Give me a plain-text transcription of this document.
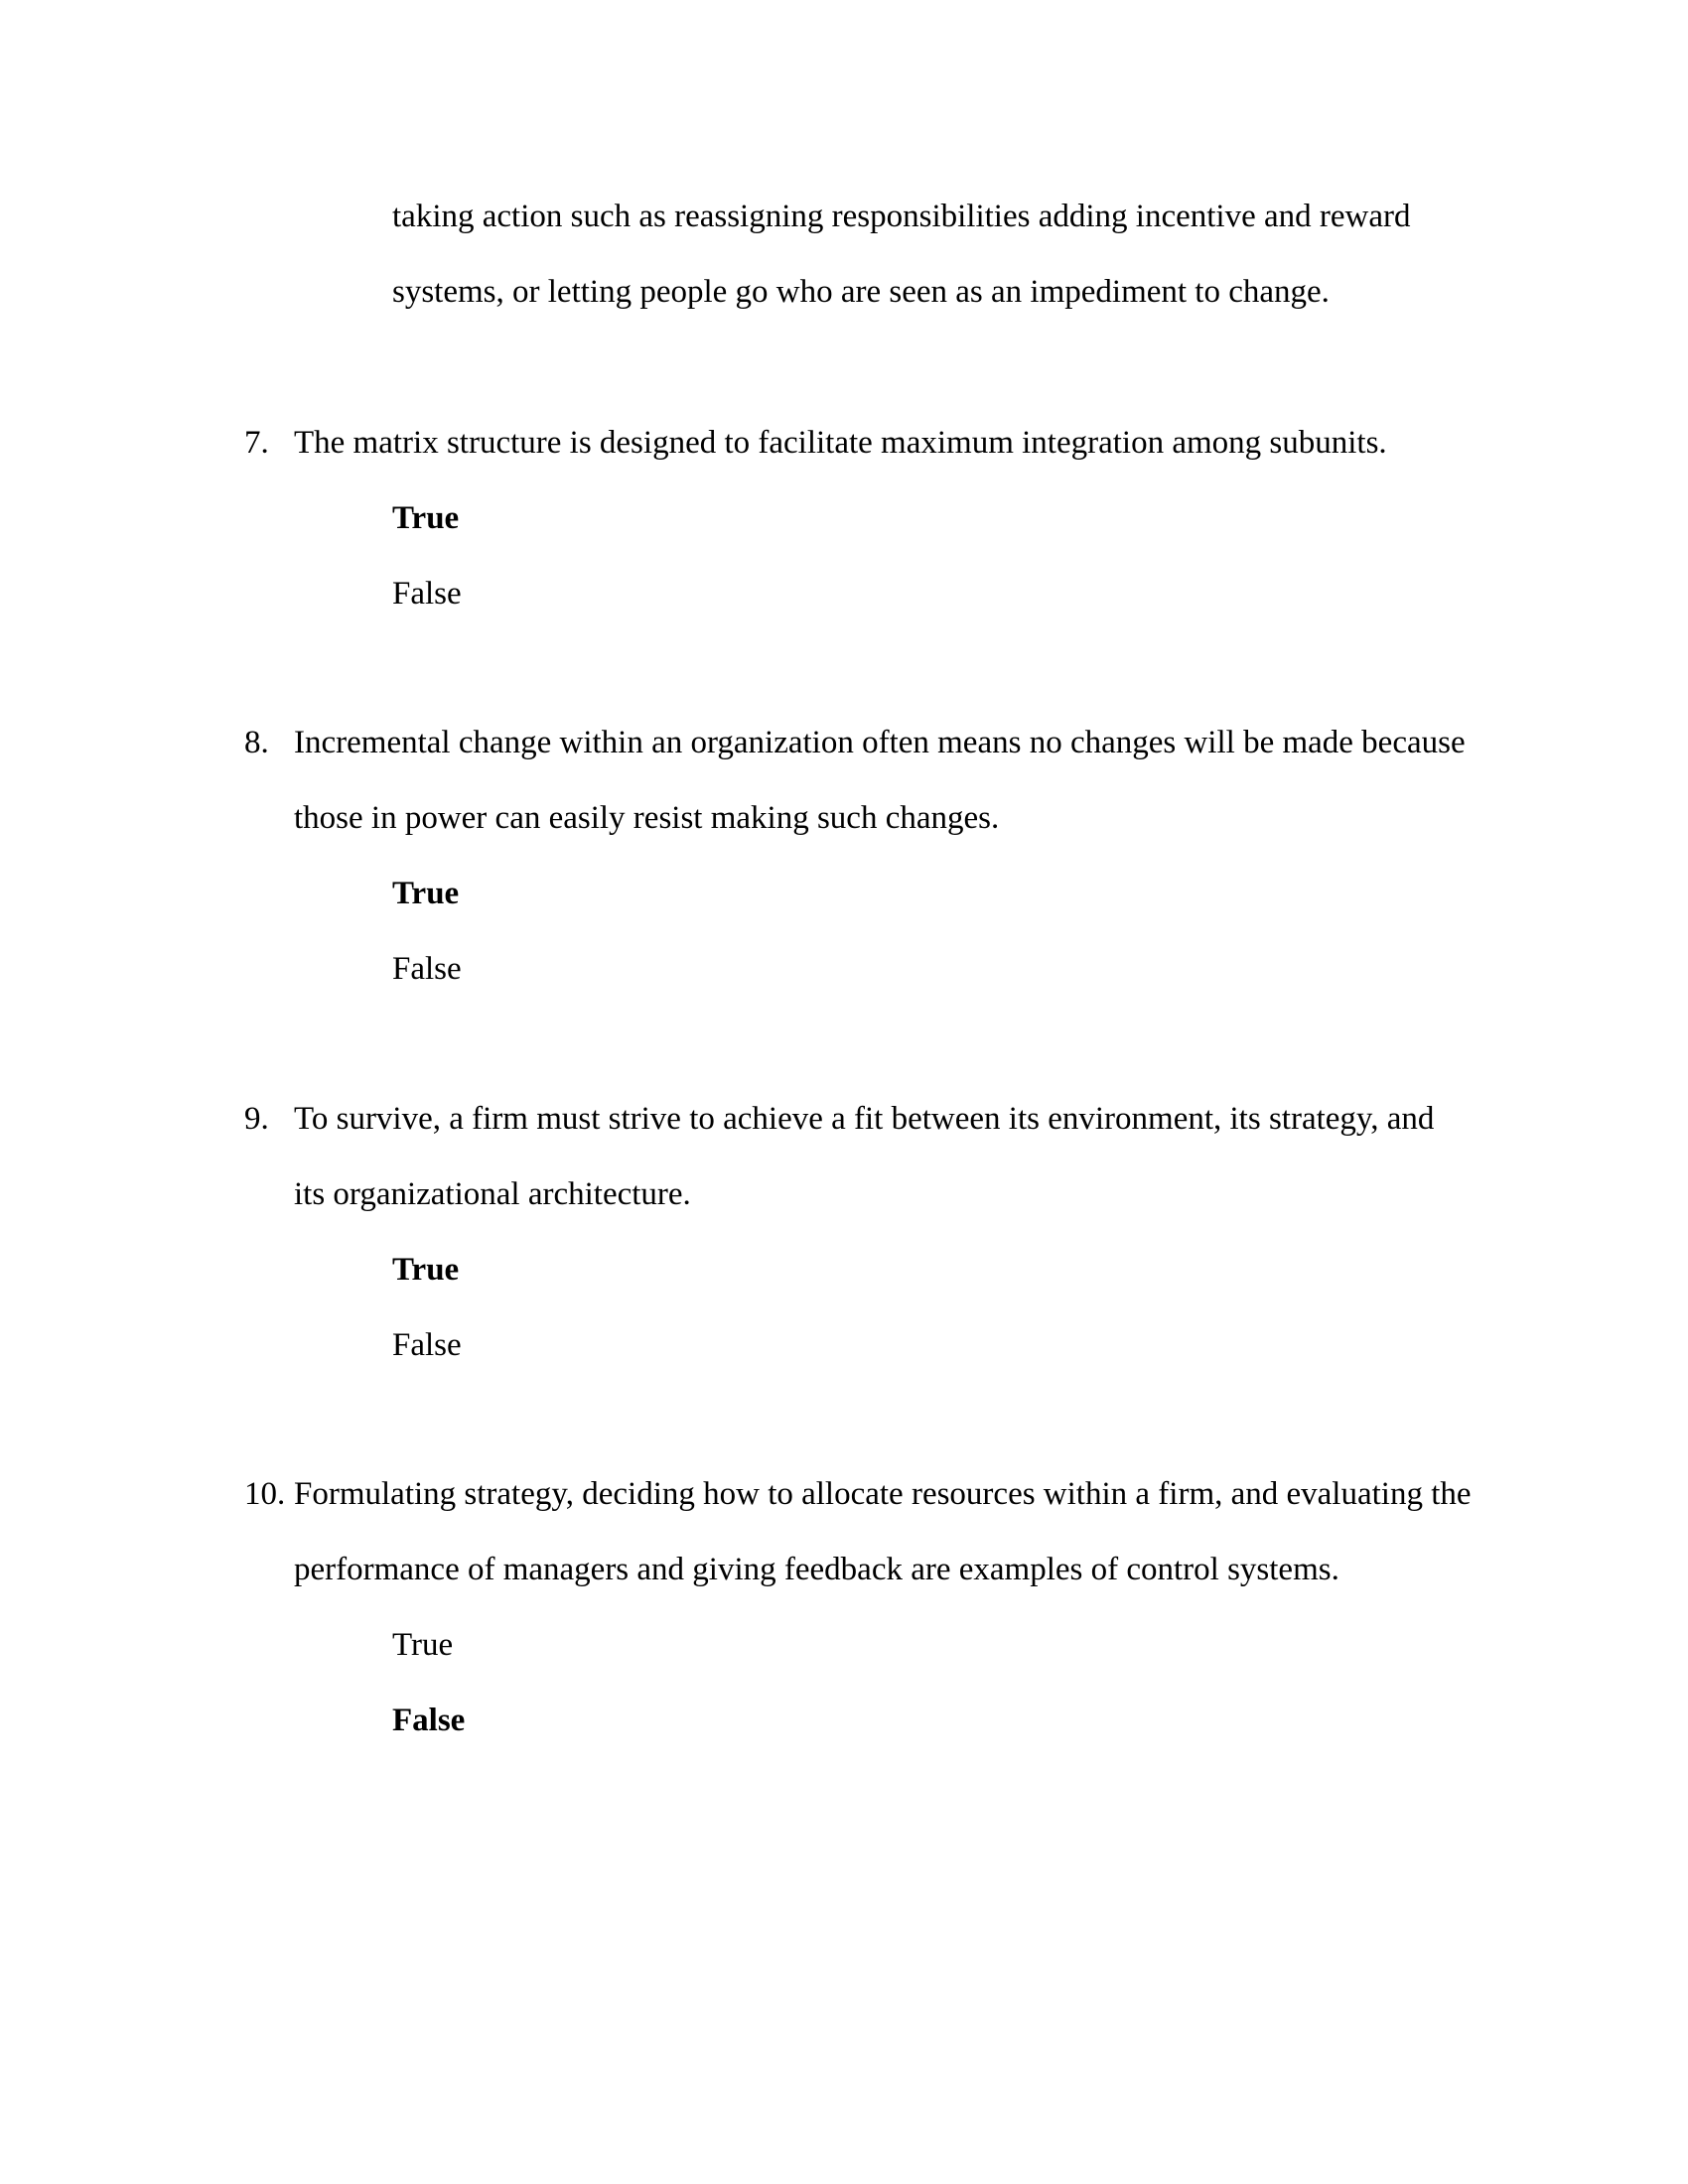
taking action such as reassigning responsibilities adding incentive and reward
systems, or letting people go who are seen as an impediment to change.
7. The matrix structure is designed to facilitate maximum integration among subunits.
True
False
8. Incremental change within an organization often means no changes will be made because
those in power can easily resist making such changes.
True
False
9. To survive, a firm must strive to achieve a fit between its environment, its strategy, and
its organizational architecture.
True
False
10. Formulating strategy, deciding how to allocate resources within a firm, and evaluating the
performance of managers and giving feedback are examples of control systems.
True
False
